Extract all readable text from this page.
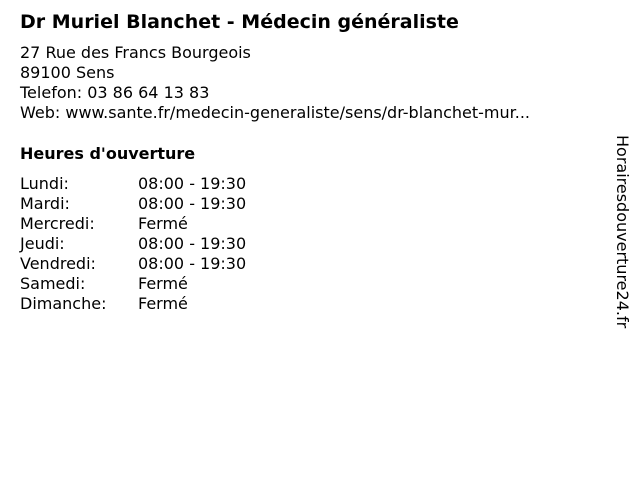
Dr Muriel Blanchet - Médecin généraliste
27 Rue des Francs Bourgeois
89100 Sens
Telefon: 03 86 64 13 83
Web: www.sante.fr/medecin-generaliste/sens/dr-blanchet-mur...
Heures d'ouverture
Lundi:	08:00 - 19:30
Mardi:	08:00 - 19:30
Mercredi:	Fermé
Jeudi:	08:00 - 19:30
Vendredi:	08:00 - 19:30
Samedi:	Fermé
Dimanche:	Fermé	Horairesdouverture24.fr
